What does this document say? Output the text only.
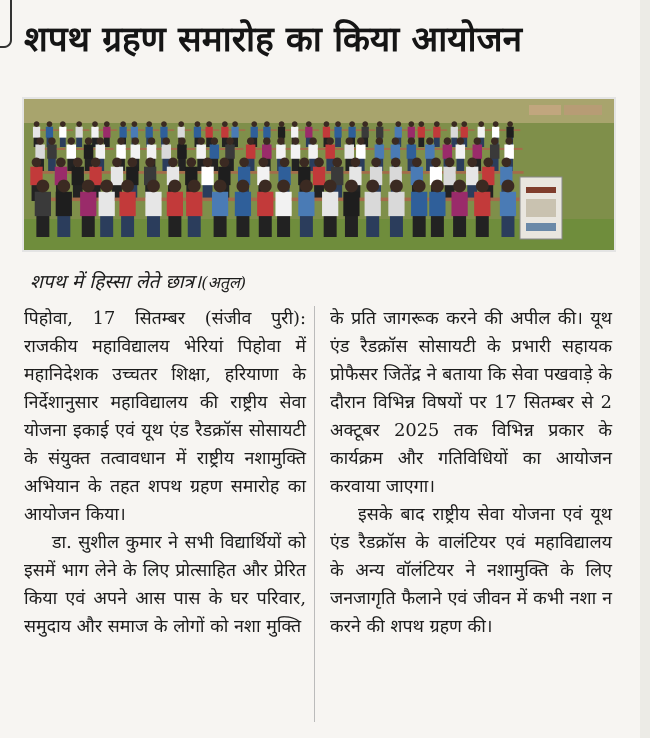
शपथ ग्रहण समारोह का किया आयोजन

शपथ में हिस्सा लेते छात्र।(अतुल)

पिहोवा, 17 सितम्बर (संजीव पुरी): राजकीय महाविद्यालय भेरियां पिहोवा में महानिदेशक उच्चतर शिक्षा, हरियाणा के निर्देशानुसार महाविद्यालय की राष्ट्रीय सेवा योजना इकाई एवं यूथ एंड रैडक्रॉस सोसायटी के संयुक्त तत्वावधान में राष्ट्रीय नशामुक्ति अभियान के तहत शपथ ग्रहण समारोह का आयोजन किया।

डा. सुशील कुमार ने सभी विद्यार्थियों को इसमें भाग लेने के लिए प्रोत्साहित और प्रेरित किया एवं अपने आस पास के घर परिवार, समुदाय और समाज के लोगों को नशा मुक्ति

के प्रति जागरूक करने की अपील की। यूथ एंड रैडक्रॉस सोसायटी के प्रभारी सहायक प्रोफैसर जितेंद्र ने बताया कि सेवा पखवाड़े के दौरान विभिन्न विषयों पर 17 सितम्बर से 2 अक्टूबर 2025 तक विभिन्न प्रकार के कार्यक्रम और गतिविधियों का आयोजन करवाया जाएगा।

इसके बाद राष्ट्रीय सेवा योजना एवं यूथ एंड रैडक्रॉस के वालंटियर एवं महाविद्यालय के अन्य वॉलंटियर ने नशामुक्ति के लिए जनजागृति फैलाने एवं जीवन में कभी नशा न करने की शपथ ग्रहण की।
